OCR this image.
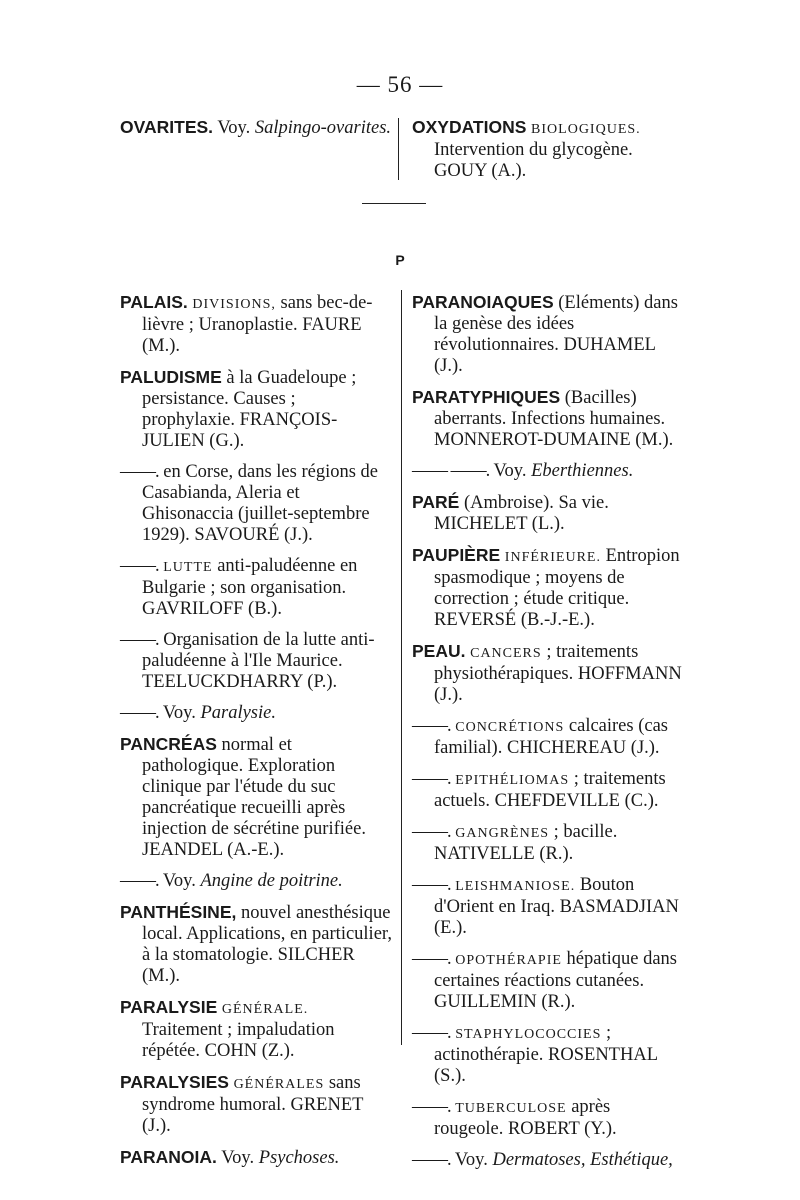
— 56 —

OVARITES. Voy. Salpingo-ovarites. OXYDATIONS BIOLOGIQUES. Intervention du glycogène. GOUY (A.).

P

PALAIS. DIVISIONS, sans bec-de-lièvre ; Uranoplastie. FAURE (M.).

PALUDISME à la Guadeloupe ; persistance. Causes ; prophylaxie. FRANÇOIS-JULIEN (G.).

——. en Corse, dans les régions de Casabianda, Aleria et Ghisonaccia (juillet-septembre 1929). SAVOURÉ (J.).

——. LUTTE anti-paludéenne en Bulgarie ; son organisation. GAVRILOFF (B.).

——. Organisation de la lutte anti-paludéenne à l'Ile Maurice. TEELUCKDHARRY (P.).

——. Voy. Paralysie.

PANCRÉAS normal et pathologique. Exploration clinique par l'étude du suc pancréatique recueilli après injection de sécrétine purifiée. JEANDEL (A.-E.).

——. Voy. Angine de poitrine.

PANTHÉSINE, nouvel anesthésique local. Applications, en particulier, à la stomatologie. SILCHER (M.).

PARALYSIE GÉNÉRALE. Traitement ; impaludation répétée. COHN (Z.).

PARALYSIES GÉNÉRALES sans syndrome humoral. GRENET (J.).

PARANOIA. Voy. Psychoses.

PARANOIAQUES (Eléments) dans la genèse des idées révolutionnaires. DUHAMEL (J.).

PARATYPHIQUES (Bacilles) aberrants. Infections humaines. MONNEROT-DUMAINE (M.).

—— ——. Voy. Eberthiennes.

PARÉ (Ambroise). Sa vie. MICHELET (L.).

PAUPIÈRE INFÉRIEURE. Entropion spasmodique ; moyens de correction ; étude critique. REVERSÉ (B.-J.-E.).

PEAU. CANCERS ; traitements physiothérapiques. HOFFMANN (J.).

——. CONCRÉTIONS calcaires (cas familial). CHICHEREAU (J.).

——. EPITHÉLIOMAS ; traitements actuels. CHEFDEVILLE (C.).

——. GANGRÈNES ; bacille. NATIVELLE (R.).

——. LEISHMANIOSE. Bouton d'Orient en Iraq. BASMADJIAN (E.).

——. OPOTHÉRAPIE hépatique dans certaines réactions cutanées. GUILLEMIN (R.).

——. STAPHYLOCOCCIES ; actinothérapie. ROSENTHAL (S.).

——. TUBERCULOSE après rougeole. ROBERT (Y.).

——. Voy. Dermatoses, Esthétique,
